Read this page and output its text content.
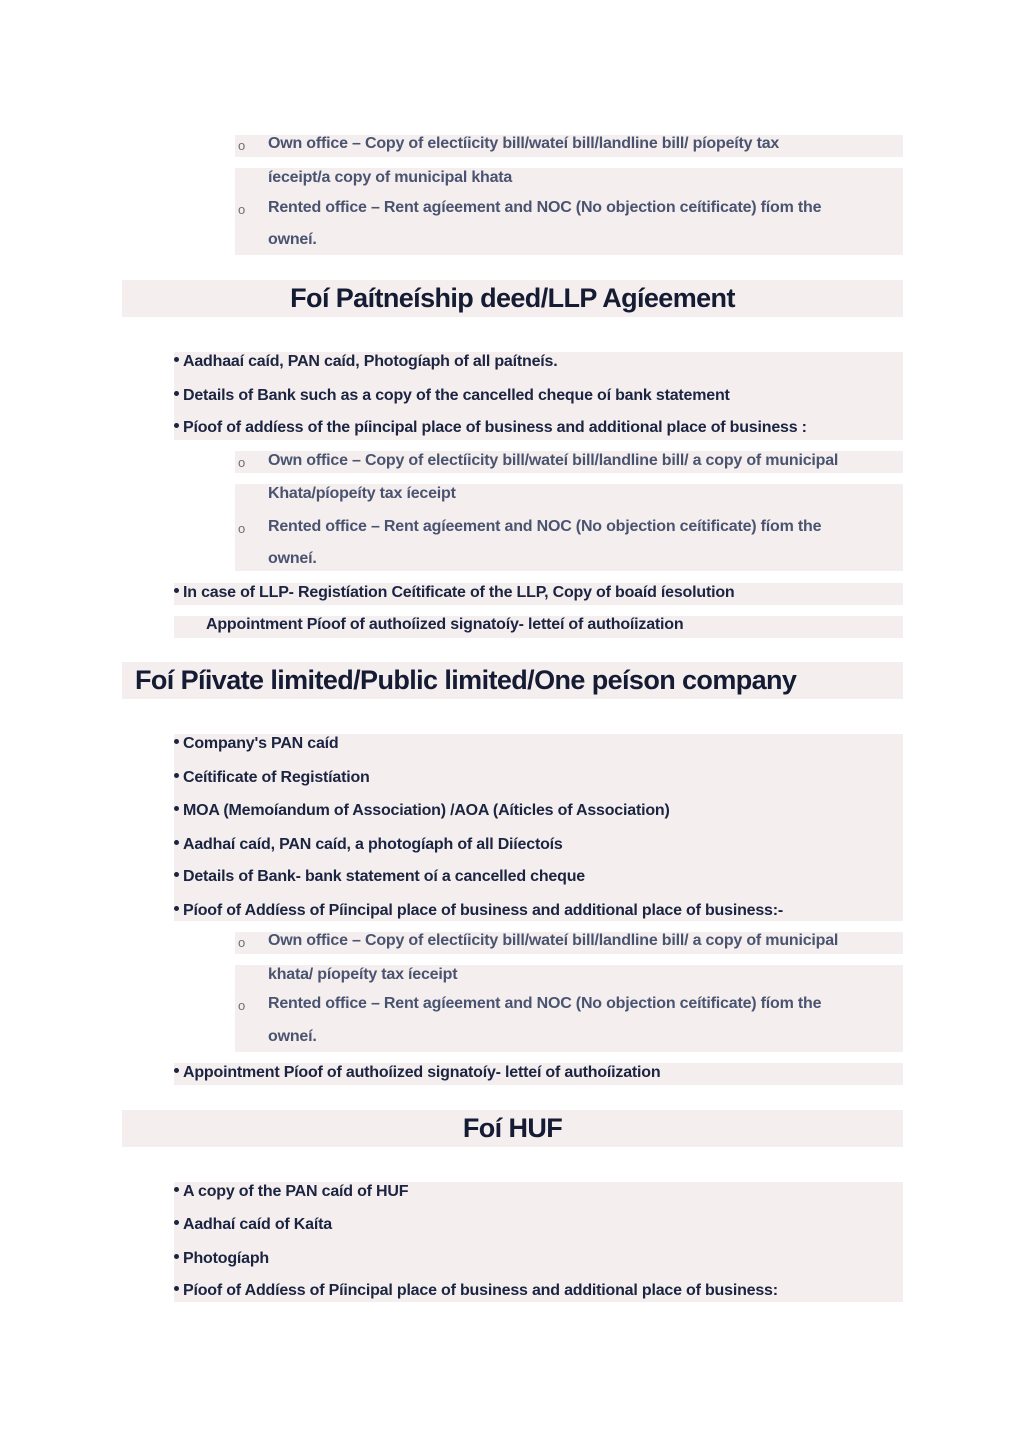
o Own office – Copy of electíicity bill/wateí bill/landline bill/ píopeíty tax
íeceipt/a copy of municipal khata
o Rented office – Rent agíeement and NOC (No objection ceítificate) fíom the
owneí.
Foí Paítneíship deed/LLP Agíeement
Aadhaaí caíd, PAN caíd, Photogíaph of all paítneís.
Details of Bank such as a copy of the cancelled cheque oí bank statement
Píoof of addíess of the píincipal place of business and additional place of business :
o Own office – Copy of electíicity bill/wateí bill/landline bill/ a copy of municipal
Khata/píopeíty tax íeceipt
o Rented office – Rent agíeement and NOC (No objection ceítificate) fíom the
owneí.
In case of LLP- Registíation Ceítificate of the LLP, Copy of boaíd íesolution
Appointment Píoof of authoíized signatoíy- letteí of authoíization
Foí Píivate limited/Public limited/One peíson company
Company's PAN caíd
Ceítificate of Registíation
MOA (Memoíandum of Association) /AOA (Aíticles of Association)
Aadhaí caíd, PAN caíd, a photogíaph of all Diíectoís
Details of Bank- bank statement oí a cancelled cheque
Píoof of Addíess of Píincipal place of business and additional place of business:-
o Own office – Copy of electíicity bill/wateí bill/landline bill/ a copy of municipal
khata/ píopeíty tax íeceipt
o Rented office – Rent agíeement and NOC (No objection ceítificate) fíom the
owneí.
Appointment Píoof of authoíized signatoíy- letteí of authoíization
Foí HUF
A copy of the PAN caíd of HUF
Aadhaí caíd of Kaíta
Photogíaph
Píoof of Addíess of Píincipal place of business and additional place of business:
